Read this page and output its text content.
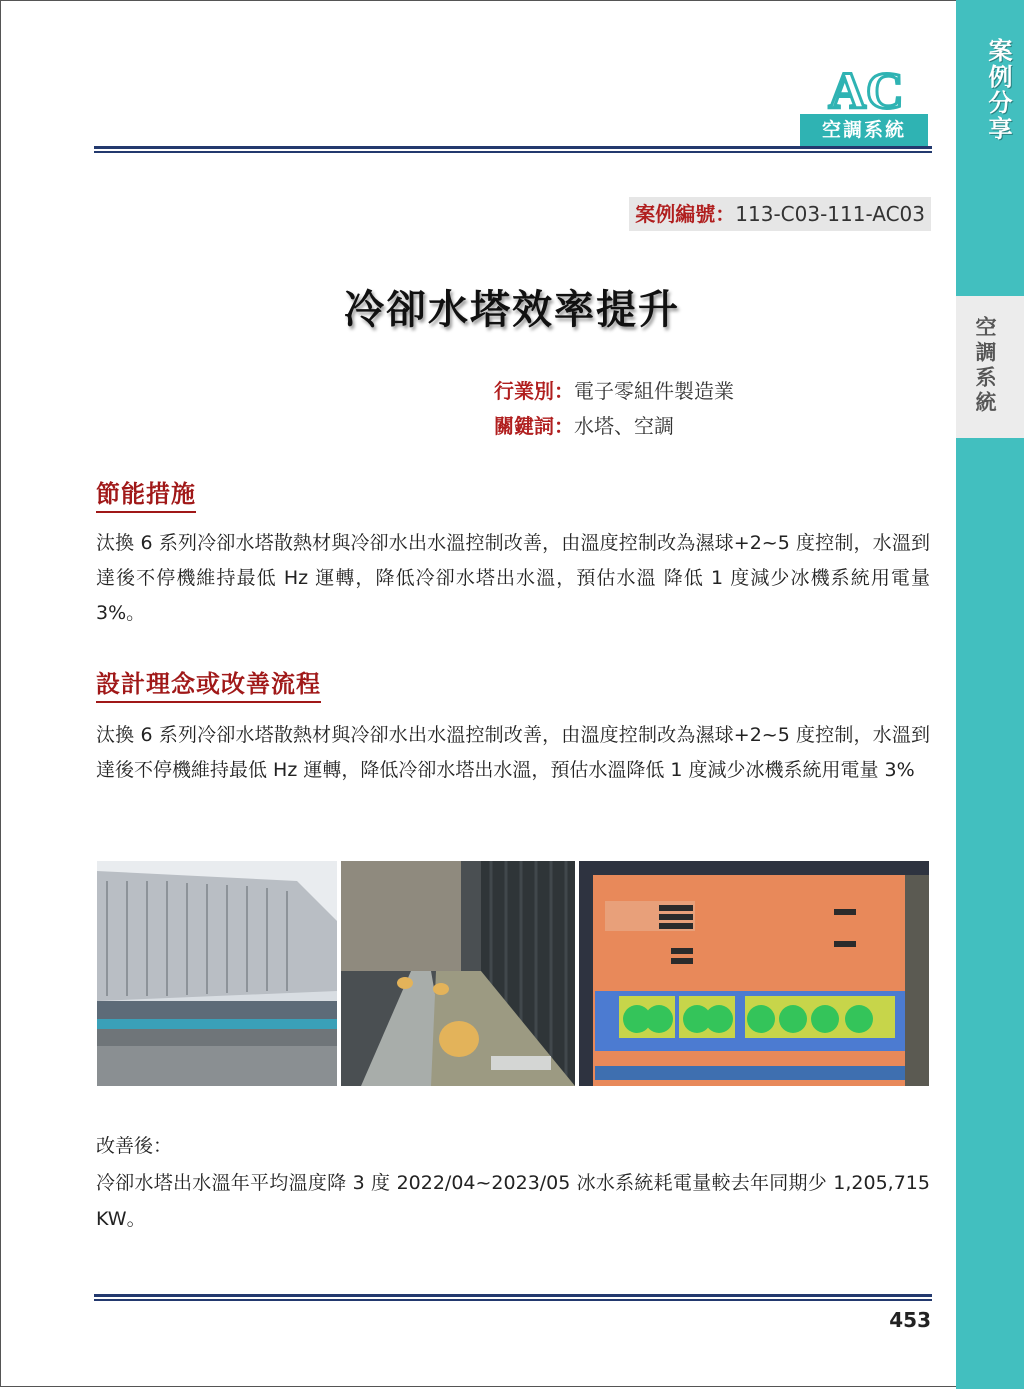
案例分享
空調系統
AC
空調系統
案例編號：113-C03-111-AC03
冷卻水塔效率提升
行業別：電子零組件製造業
關鍵詞：水塔、空調
節能措施
汰換 6 系列冷卻水塔散熱材與冷卻水出水溫控制改善，由溫度控制改為濕球+2~5 度控制，水溫到達後不停機維持最低 Hz 運轉，降低冷卻水塔出水溫，預估水溫 降低 1 度減少冰機系統用電量 3%。
設計理念或改善流程
汰換 6 系列冷卻水塔散熱材與冷卻水出水溫控制改善，由溫度控制改為濕球+2~5 度控制，水溫到 達後不停機維持最低 Hz 運轉，降低冷卻水塔出水溫，預估水溫降低 1 度減少冰機系統用電量 3%
改善後：
冷卻水塔出水溫年平均溫度降 3 度 2022/04~2023/05 冰水系統耗電量較去年同期少 1,205,715 KW。
453
